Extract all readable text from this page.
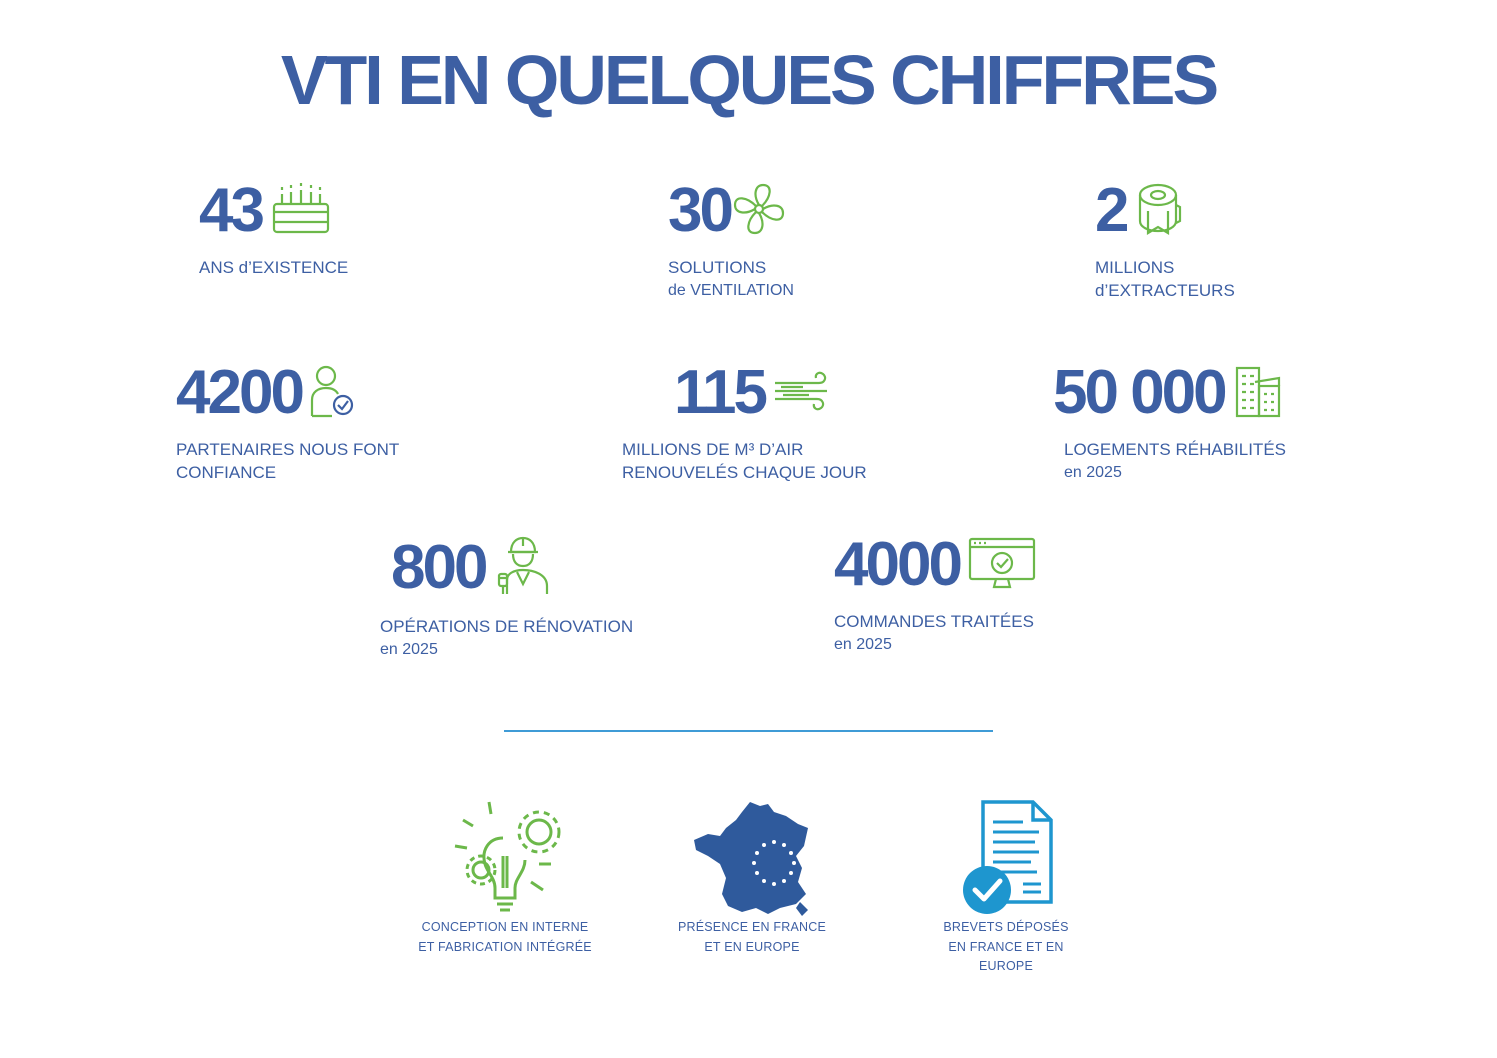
VTI EN QUELQUES CHIFFRES
43
ANS d’EXISTENCE
30
SOLUTIONS
de VENTILATION
2
MILLIONS
d’EXTRACTEURS
4200
PARTENAIRES NOUS FONT
CONFIANCE
115
MILLIONS DE M³ D’AIR
RENOUVELÉS CHAQUE JOUR
50 000
LOGEMENTS RÉHABILITÉS
en 2025
800
OPÉRATIONS DE RÉNOVATION
en 2025
4000
COMMANDES TRAITÉES
en 2025
CONCEPTION EN INTERNE
ET FABRICATION INTÉGRÉE
PRÉSENCE EN FRANCE
ET EN EUROPE
BREVETS DÉPOSÉS
EN FRANCE ET EN
EUROPE
